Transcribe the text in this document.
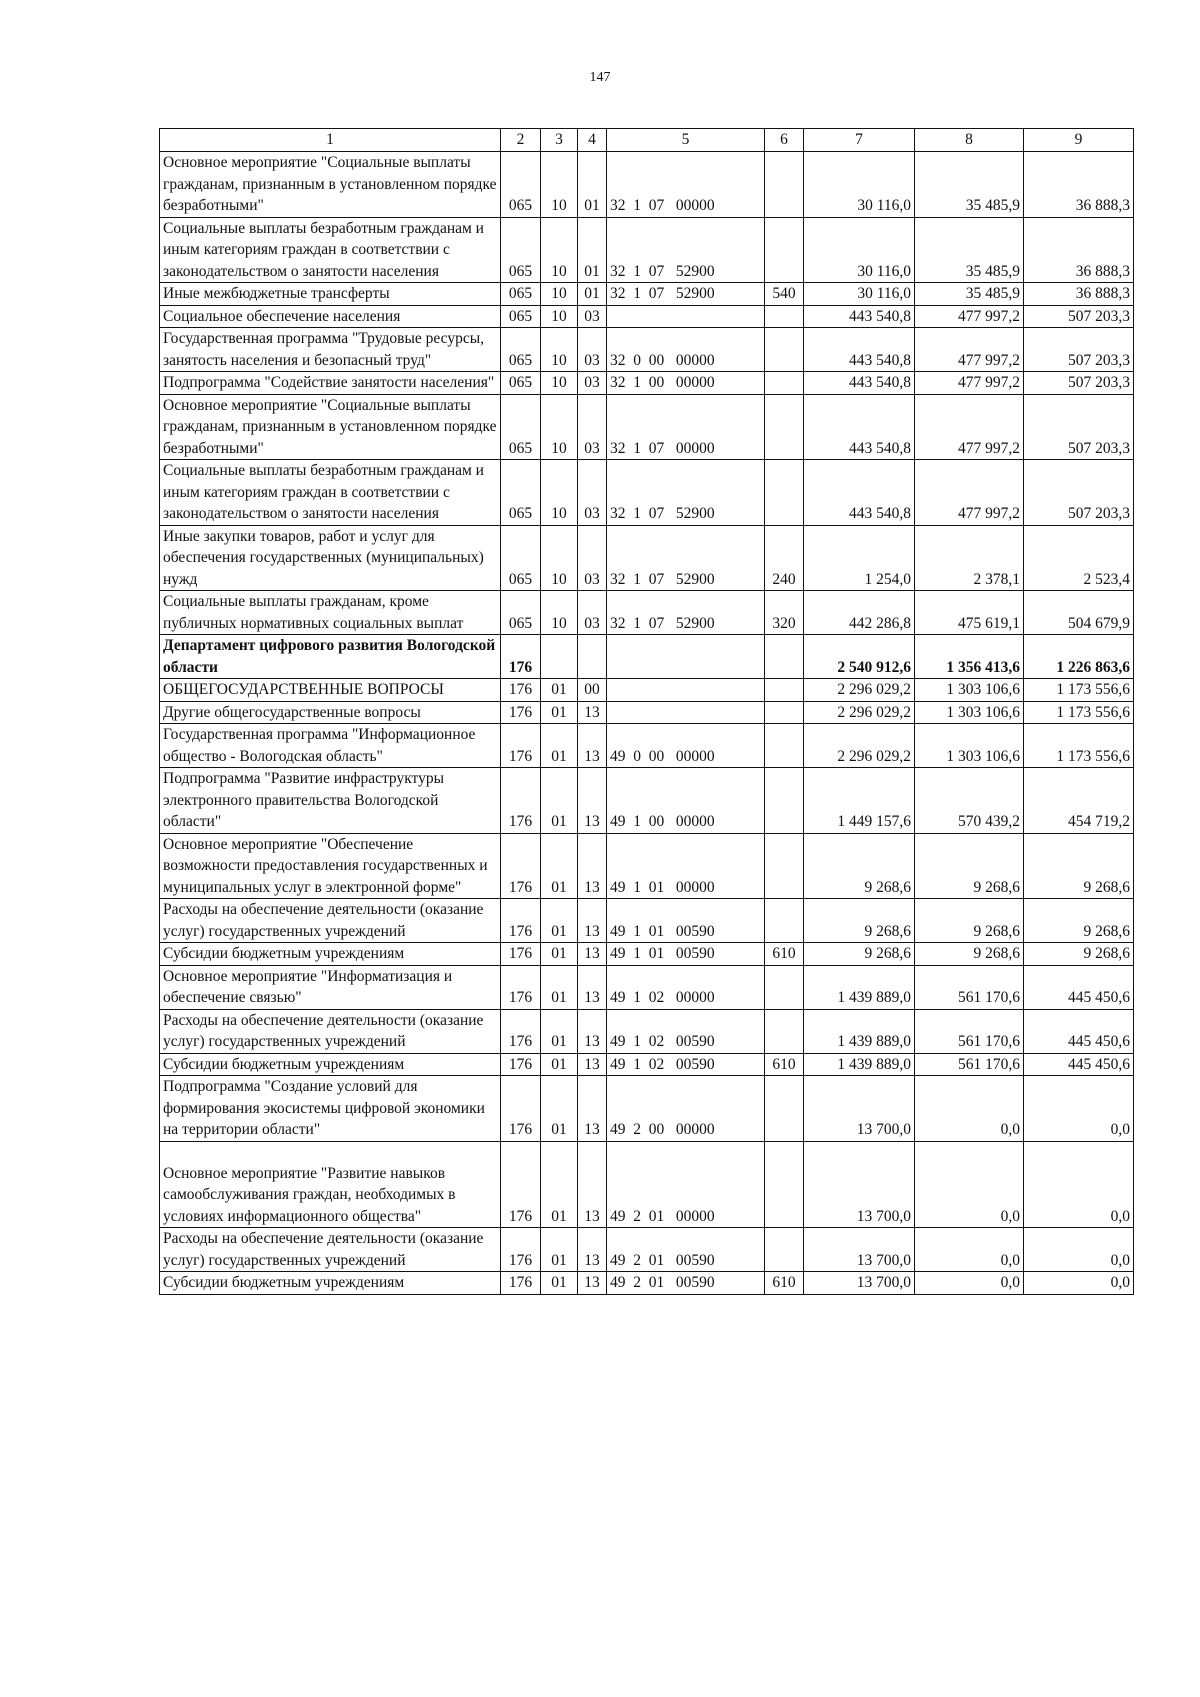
147
1	2	3	4	5	6	7	8	9
Основное мероприятие "Социальные выплаты гражданам, признанным в установленном порядке безработными"	065	10	01	32  1  07   00000		30 116,0	35 485,9	36 888,3
Социальные выплаты безработным гражданам и иным категориям граждан в соответствии с законодательством о занятости населения	065	10	01	32  1  07   52900		30 116,0	35 485,9	36 888,3
Иные межбюджетные трансферты	065	10	01	32  1  07   52900	540	30 116,0	35 485,9	36 888,3
Социальное обеспечение населения	065	10	03			443 540,8	477 997,2	507 203,3
Государственная программа "Трудовые ресурсы, занятость населения и безопасный труд"	065	10	03	32  0  00   00000		443 540,8	477 997,2	507 203,3
Подпрограмма "Содействие занятости населения"	065	10	03	32  1  00   00000		443 540,8	477 997,2	507 203,3
Основное мероприятие "Социальные выплаты гражданам, признанным в установленном порядке безработными"	065	10	03	32  1  07   00000		443 540,8	477 997,2	507 203,3
Социальные выплаты безработным гражданам и иным категориям граждан в соответствии с законодательством о занятости населения	065	10	03	32  1  07   52900		443 540,8	477 997,2	507 203,3
Иные закупки товаров, работ и услуг для обеспечения государственных (муниципальных) нужд	065	10	03	32  1  07   52900	240	1 254,0	2 378,1	2 523,4
Социальные выплаты гражданам, кроме публичных нормативных социальных выплат	065	10	03	32  1  07   52900	320	442 286,8	475 619,1	504 679,9
Департамент цифрового развития Вологодской области	176					2 540 912,6	1 356 413,6	1 226 863,6
ОБЩЕГОСУДАРСТВЕННЫЕ ВОПРОСЫ	176	01	00			2 296 029,2	1 303 106,6	1 173 556,6
Другие общегосударственные вопросы	176	01	13			2 296 029,2	1 303 106,6	1 173 556,6
Государственная программа "Информационное общество - Вологодская область"	176	01	13	49  0  00   00000		2 296 029,2	1 303 106,6	1 173 556,6
Подпрограмма "Развитие инфраструктуры электронного правительства Вологодской области"	176	01	13	49  1  00   00000		1 449 157,6	570 439,2	454 719,2
Основное мероприятие "Обеспечение возможности предоставления государственных и муниципальных услуг в электронной форме"	176	01	13	49  1  01   00000		9 268,6	9 268,6	9 268,6
Расходы на обеспечение деятельности (оказание услуг) государственных учреждений	176	01	13	49  1  01   00590		9 268,6	9 268,6	9 268,6
Субсидии бюджетным учреждениям	176	01	13	49  1  01   00590	610	9 268,6	9 268,6	9 268,6
Основное мероприятие "Информатизация и обеспечение связью"	176	01	13	49  1  02   00000		1 439 889,0	561 170,6	445 450,6
Расходы на обеспечение деятельности (оказание услуг) государственных учреждений	176	01	13	49  1  02   00590		1 439 889,0	561 170,6	445 450,6
Субсидии бюджетным учреждениям	176	01	13	49  1  02   00590	610	1 439 889,0	561 170,6	445 450,6
Подпрограмма "Создание условий для формирования экосистемы цифровой экономики на территории области"	176	01	13	49  2  00   00000		13 700,0	0,0	0,0
Основное мероприятие "Развитие навыков самообслуживания граждан, необходимых в условиях информационного общества"	176	01	13	49  2  01   00000		13 700,0	0,0	0,0
Расходы на обеспечение деятельности (оказание услуг) государственных учреждений	176	01	13	49  2  01   00590		13 700,0	0,0	0,0
Субсидии бюджетным учреждениям	176	01	13	49  2  01   00590	610	13 700,0	0,0	0,0
